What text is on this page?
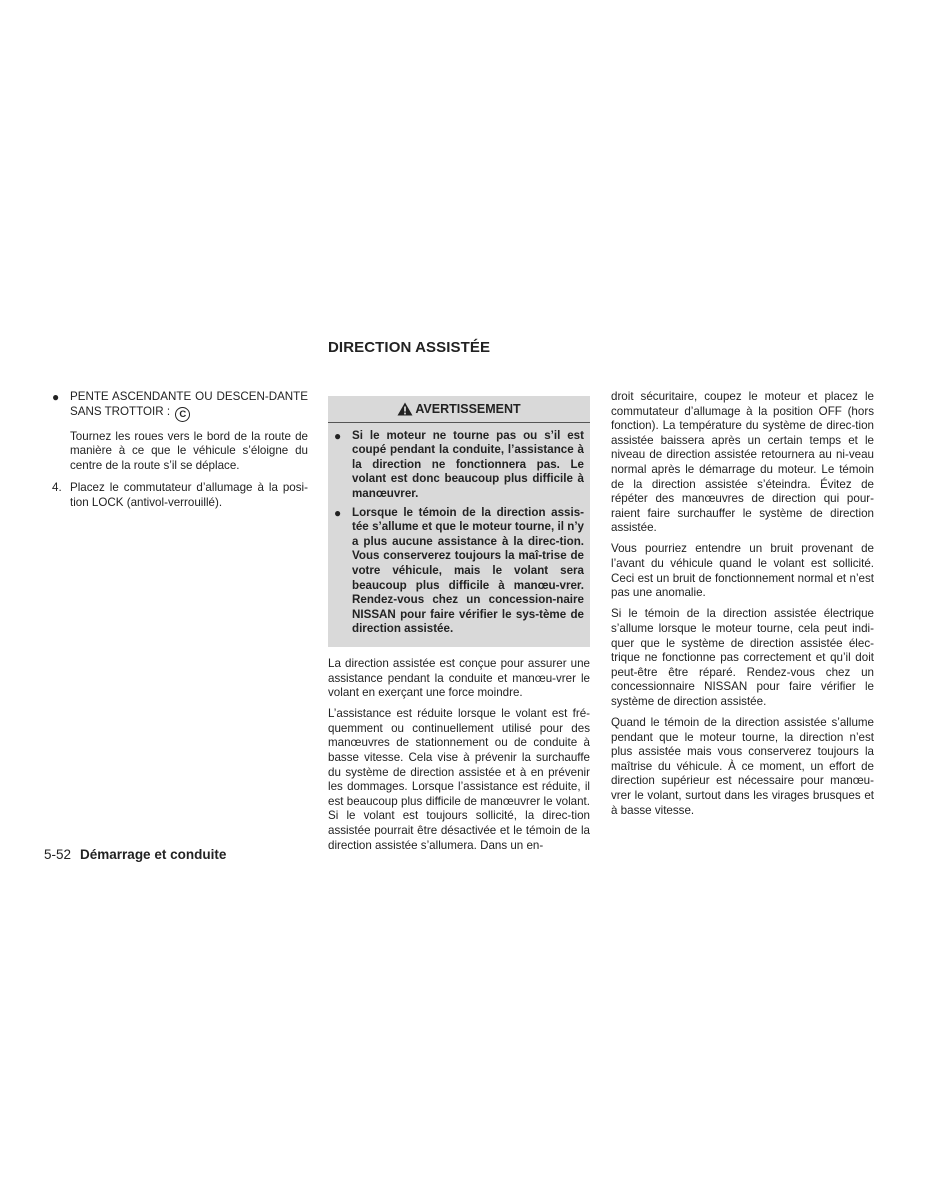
DIRECTION ASSISTÉE
● PENTE ASCENDANTE OU DESCEN-DANTE SANS TROTTOIR : C

Tournez les roues vers le bord de la route de manière à ce que le véhicule s’éloigne du centre de la route s’il se déplace.

4. Placez le commutateur d’allumage à la posi-tion LOCK (antivol-verrouillé).

AVERTISSEMENT
● Si le moteur ne tourne pas ou s’il est coupé pendant la conduite, l’assistance à la direction ne fonctionnera pas. Le volant est donc beaucoup plus difficile à manœuvrer.

● Lorsque le témoin de la direction assis-tée s’allume et que le moteur tourne, il n’y a plus aucune assistance à la direc-tion. Vous conserverez toujours la maî-trise de votre véhicule, mais le volant sera beaucoup plus difficile à manœu-vrer. Rendez-vous chez un concession-naire NISSAN pour faire vérifier le sys-tème de direction assistée.

La direction assistée est conçue pour assurer une assistance pendant la conduite et manœu-vrer le volant en exerçant une force moindre.

L’assistance est réduite lorsque le volant est fré-quemment ou continuellement utilisé pour des manœuvres de stationnement ou de conduite à basse vitesse. Cela vise à prévenir la surchauffe du système de direction assistée et à en prévenir les dommages. Lorsque l’assistance est réduite, il est beaucoup plus difficile de manœuvrer le volant. Si le volant est toujours sollicité, la direc-tion assistée pourrait être désactivée et le témoin de la direction assistée s’allumera. Dans un en-

droit sécuritaire, coupez le moteur et placez le commutateur d’allumage à la position OFF (hors fonction). La température du système de direc-tion assistée baissera après un certain temps et le niveau de direction assistée retournera au ni-veau normal après le démarrage du moteur. Le témoin de la direction assistée s’éteindra. Évitez de répéter des manœuvres de direction qui pour-raient faire surchauffer le système de direction assistée.

Vous pourriez entendre un bruit provenant de l’avant du véhicule quand le volant est sollicité. Ceci est un bruit de fonctionnement normal et n’est pas une anomalie.

Si le témoin de la direction assistée électrique s’allume lorsque le moteur tourne, cela peut indi-quer que le système de direction assistée élec-trique ne fonctionne pas correctement et qu’il doit peut-être être réparé. Rendez-vous chez un concessionnaire NISSAN pour faire vérifier le système de direction assistée.

Quand le témoin de la direction assistée s’allume pendant que le moteur tourne, la direction n’est plus assistée mais vous conserverez toujours la maîtrise du véhicule. À ce moment, un effort de direction supérieur est nécessaire pour manœu-vrer le volant, surtout dans les virages brusques et à basse vitesse.

5-52 Démarrage et conduite
